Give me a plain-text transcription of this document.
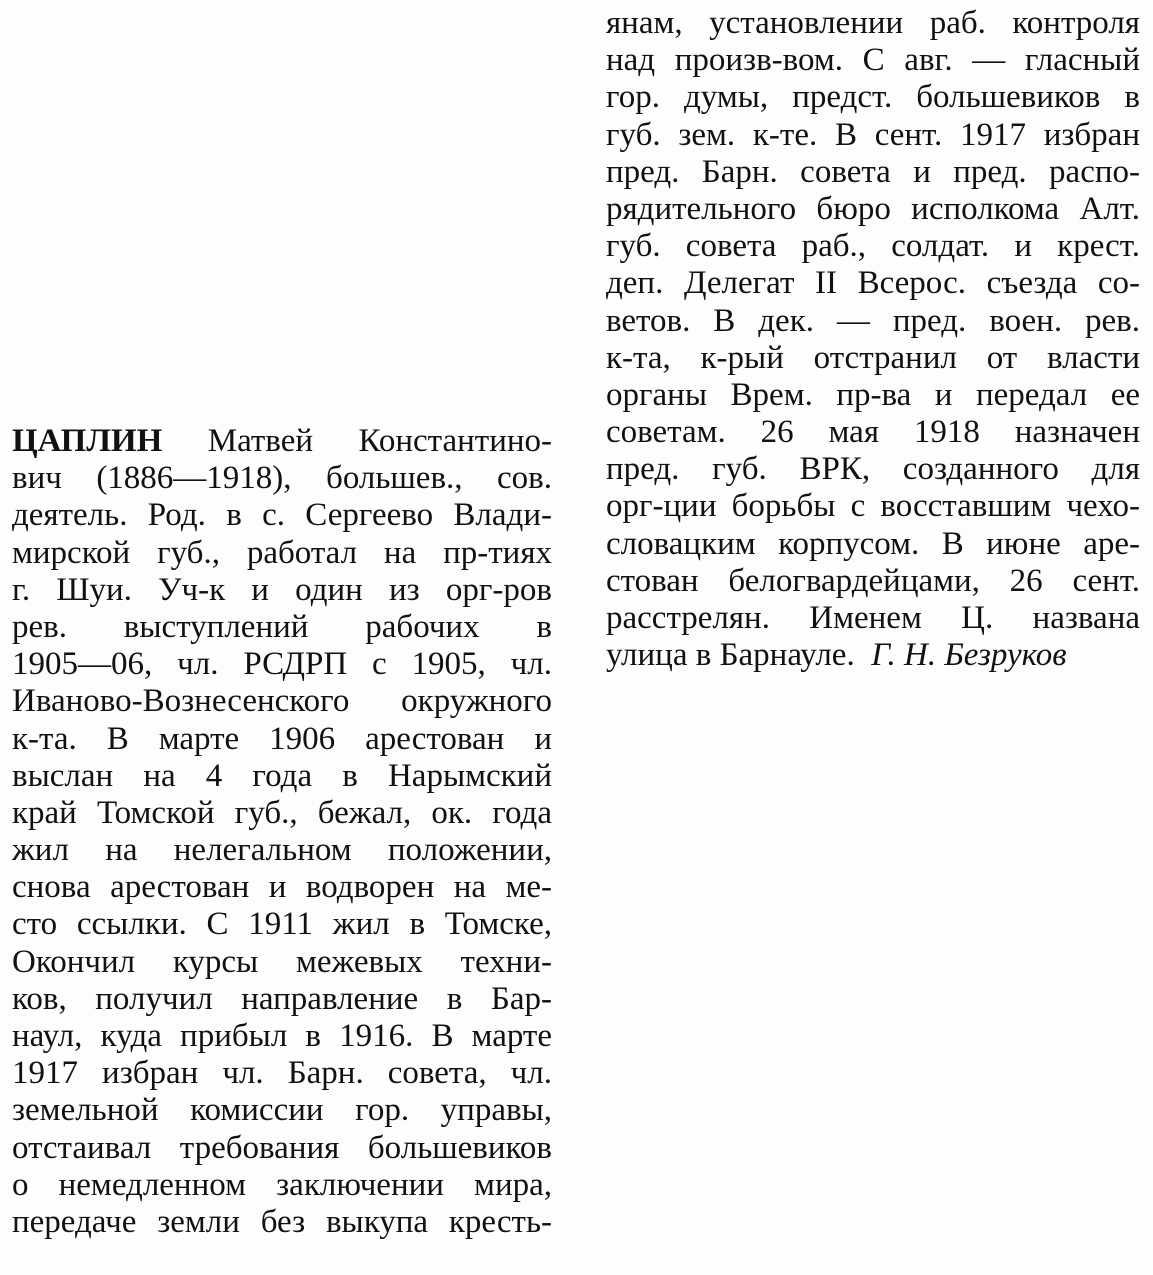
ЦАПЛИН Матвей Константино-
вич (1886—1918), большев., сов.
деятель. Род. в с. Сергеево Влади-
мирской губ., работал на пр-тиях
г. Шуи. Уч-к и один из орг-ров
рев. выступлений рабочих в
1905—06, чл. РСДРП с 1905, чл.
Иваново-Вознесенского окружного
к-та. В марте 1906 арестован и
выслан на 4 года в Нарымский
край Томской губ., бежал, ок. года
жил на нелегальном положении,
снова арестован и водворен на ме-
сто ссылки. С 1911 жил в Томске,
Окончил курсы межевых техни-
ков, получил направление в Бар-
наул, куда прибыл в 1916. В марте
1917 избран чл. Барн. совета, чл.
земельной комиссии гор. управы,
отстаивал требования большевиков
о немедленном заключении мира,
передаче земли без выкупа кресть-
янам, установлении раб. контроля
над произв-вом. С авг. — гласный
гор. думы, предст. большевиков в
губ. зем. к-те. В сент. 1917 избран
пред. Барн. совета и пред. распо-
рядительного бюро исполкома Алт.
губ. совета раб., солдат. и крест.
деп. Делегат II Всерос. съезда со-
ветов. В дек. — пред. воен. рев.
к-та, к-рый отстранил от власти
органы Врем. пр-ва и передал ее
советам. 26 мая 1918 назначен
пред. губ. ВРК, созданного для
орг-ции борьбы с восставшим чехо-
словацким корпусом. В июне аре-
стован белогвардейцами, 26 сент.
расстрелян. Именем Ц. названа
улица в Барнауле. Г. Н. Безруков
